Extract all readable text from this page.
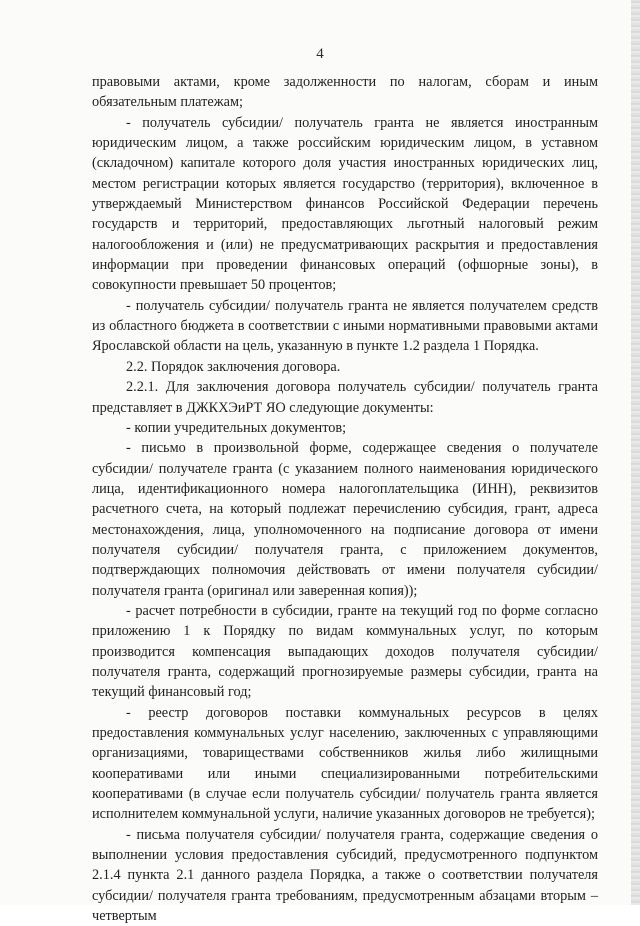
4

правовыми актами, кроме задолженности по налогам, сборам и иным обязательным платежам;

- получатель субсидии/ получатель гранта не является иностранным юридическим лицом, а также российским юридическим лицом, в уставном (складочном) капитале которого доля участия иностранных юридических лиц, местом регистрации которых является государство (территория), включенное в утверждаемый Министерством финансов Российской Федерации перечень государств и территорий, предоставляющих льготный налоговый режим налогообложения и (или) не предусматривающих раскрытия и предоставления информации при проведении финансовых операций (офшорные зоны), в совокупности превышает 50 процентов;

- получатель субсидии/ получатель гранта не является получателем средств из областного бюджета в соответствии с иными нормативными правовыми актами Ярославской области на цель, указанную в пункте 1.2 раздела 1 Порядка.

2.2. Порядок заключения договора.

2.2.1. Для заключения договора получатель субсидии/ получатель гранта представляет в ДЖКХЭиРТ ЯО следующие документы:

- копии учредительных документов;

- письмо в произвольной форме, содержащее сведения о получателе субсидии/ получателе гранта (с указанием полного наименования юридического лица, идентификационного номера налогоплательщика (ИНН), реквизитов расчетного счета, на который подлежат перечислению субсидия, грант, адреса местонахождения, лица, уполномоченного на подписание договора от имени получателя субсидии/ получателя гранта, с приложением документов, подтверждающих полномочия действовать от имени получателя субсидии/ получателя гранта (оригинал или заверенная копия));

- расчет потребности в субсидии, гранте на текущий год по форме согласно приложению 1 к Порядку по видам коммунальных услуг, по которым производится компенсация выпадающих доходов получателя субсидии/ получателя гранта, содержащий прогнозируемые размеры субсидии, гранта на текущий финансовый год;

- реестр договоров поставки коммунальных ресурсов в целях предоставления коммунальных услуг населению, заключенных с управляющими организациями, товариществами собственников жилья либо жилищными кооперативами или иными специализированными потребительскими кооперативами (в случае если получатель субсидии/ получатель гранта является исполнителем коммунальной услуги, наличие указанных договоров не требуется);

- письма получателя субсидии/ получателя гранта, содержащие сведения о выполнении условия предоставления субсидий, предусмотренного подпунктом 2.1.4 пункта 2.1 данного раздела Порядка, а также о соответствии получателя субсидии/ получателя гранта требованиям, предусмотренным абзацами вторым – четвертым
